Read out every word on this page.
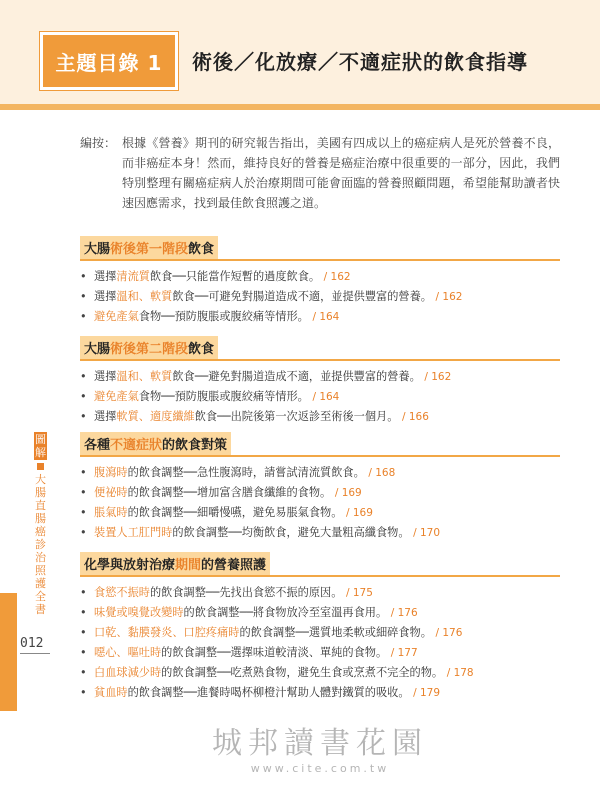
主題目錄 1	術後／化放療／不適症狀的飲食指導
編按： 根據《營養》期刊的研究報告指出，美國有四成以上的癌症病人是死於營養不良，而非癌症本身！然而，維持良好的營養是癌症治療中很重要的一部分，因此，我們特別整理有關癌症病人於治療期間可能會面臨的營養照顧問題，希望能幫助讀者快速因應需求，找到最佳飲食照護之道。
大腸術後第一階段飲食
• 選擇清流質飲食──只能當作短暫的過度飲食。 / 162
• 選擇溫和、軟質飲食──可避免對腸道造成不適，並提供豐富的營養。 / 162
• 避免產氣食物──預防腹脹或腹絞痛等情形。 / 164
大腸術後第二階段飲食
• 選擇溫和、軟質飲食──避免對腸道造成不適，並提供豐富的營養。 / 162
• 避免產氣食物──預防腹脹或腹絞痛等情形。 / 164
• 選擇軟質、適度纖維飲食──出院後第一次返診至術後一個月。 / 166
各種不適症狀的飲食對策
• 腹瀉時的飲食調整──急性腹瀉時，請嘗試清流質飲食。 / 168
• 便祕時的飲食調整──增加富含膳食纖維的食物。 / 169
• 脹氣時的飲食調整──細嚼慢嚥，避免易脹氣食物。 / 169
• 裝置人工肛門時的飲食調整──均衡飲食，避免大量粗高纖食物。 / 170
化學與放射治療期間的營養照護
• 食慾不振時的飲食調整──先找出食慾不振的原因。 / 175
• 味覺或嗅覺改變時的飲食調整──將食物放冷至室溫再食用。 / 176
• 口乾、黏膜發炎、口腔疼痛時的飲食調整──選質地柔軟或細碎食物。 / 176
• 噁心、嘔吐時的飲食調整──選擇味道較清淡、單純的食物。 / 177
• 白血球減少時的飲食調整──吃煮熟食物，避免生食或烹煮不完全的物。 / 178
• 貧血時的飲食調整──進餐時喝杯柳橙汁幫助人體對鐵質的吸收。 / 179
圖
解
大
腸
直
腸
癌
診
治
照
護
全
書
012
城邦讀書花園
www.cite.com.tw
